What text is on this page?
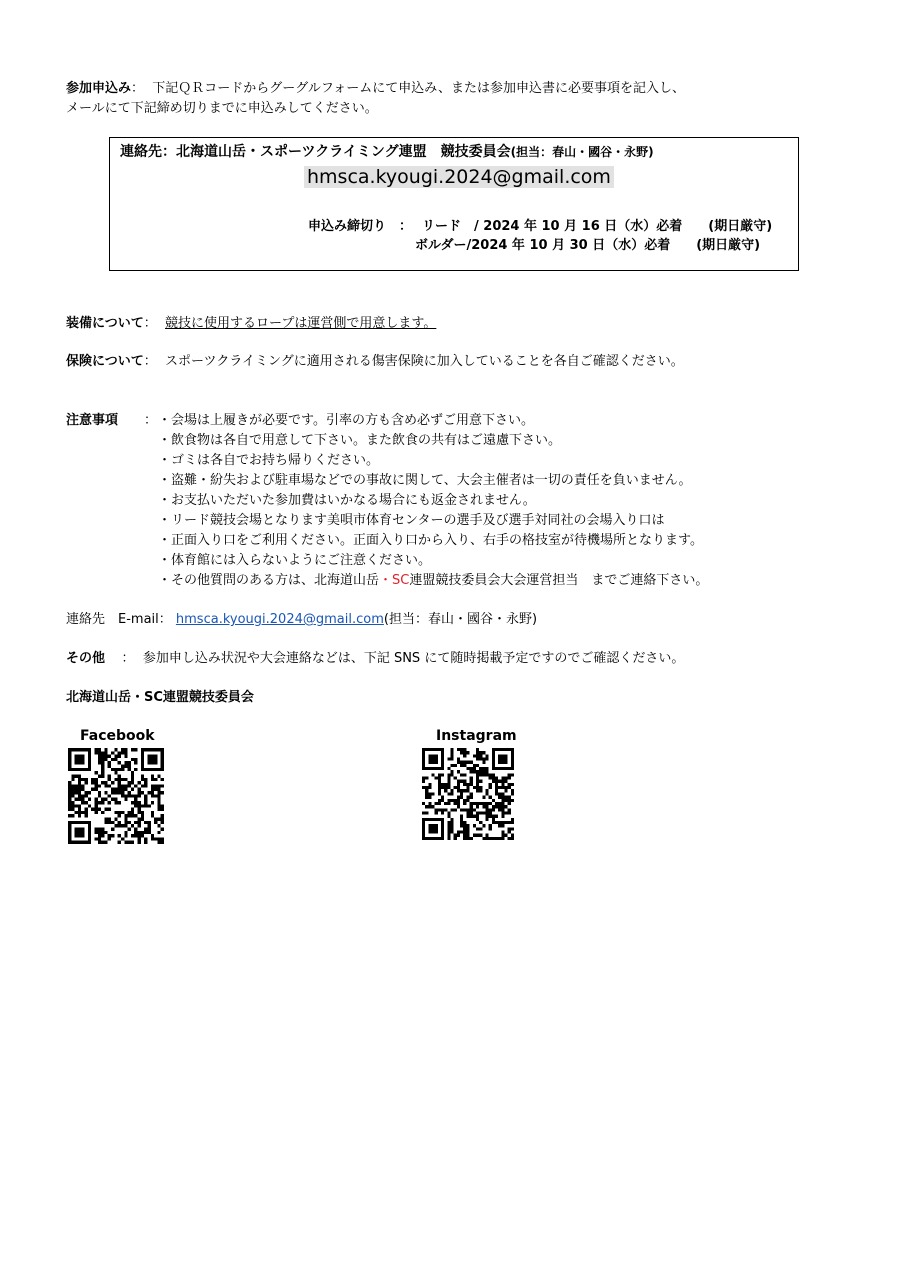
参加申込み： 下記ＱＲコードからグーグルフォームにて申込み、または参加申込書に必要事項を記入し、
メールにて下記締め切りまでに申込みしてください。
連絡先：北海道山岳・スポーツクライミング連盟　競技委員会(担当：春山・國谷・永野)
hmsca.kyougi.2024@gmail.com
申込み締切り　： リード　/ 2024 年 10 月 16 日（水）必着　　(期日厳守)
ボルダー/2024 年 10 月 30 日（水）必着　　(期日厳守)
装備について： 競技に使用するロープは運営側で用意します。
保険について： スポーツクライミングに適用される傷害保険に加入していることを各自ご確認ください。
注意事項 ： ・会場は上履きが必要です。引率の方も含め必ずご用意下さい。
・飲食物は各自で用意して下さい。また飲食の共有はご遠慮下さい。
・ゴミは各自でお持ち帰りください。
・盗難・紛失および駐車場などでの事故に関して、大会主催者は一切の責任を負いません。
・お支払いただいた参加費はいかなる場合にも返金されません。
・リード競技会場となります美唄市体育センターの選手及び選手対同社の会場入り口は
・正面入り口をご利用ください。正面入り口から入り、右手の格技室が待機場所となります。
・体育館には入らないようにご注意ください。
・その他質問のある方は、北海道山岳・SC連盟競技委員会大会運営担当　までご連絡下さい。
連絡先　E-mail： hmsca.kyougi.2024@gmail.com(担当：春山・國谷・永野)
その他 ： 参加申し込み状況や大会連絡などは、下記 SNS にて随時掲載予定ですのでご確認ください。
北海道山岳・SC連盟競技委員会
Facebook	Instagram
